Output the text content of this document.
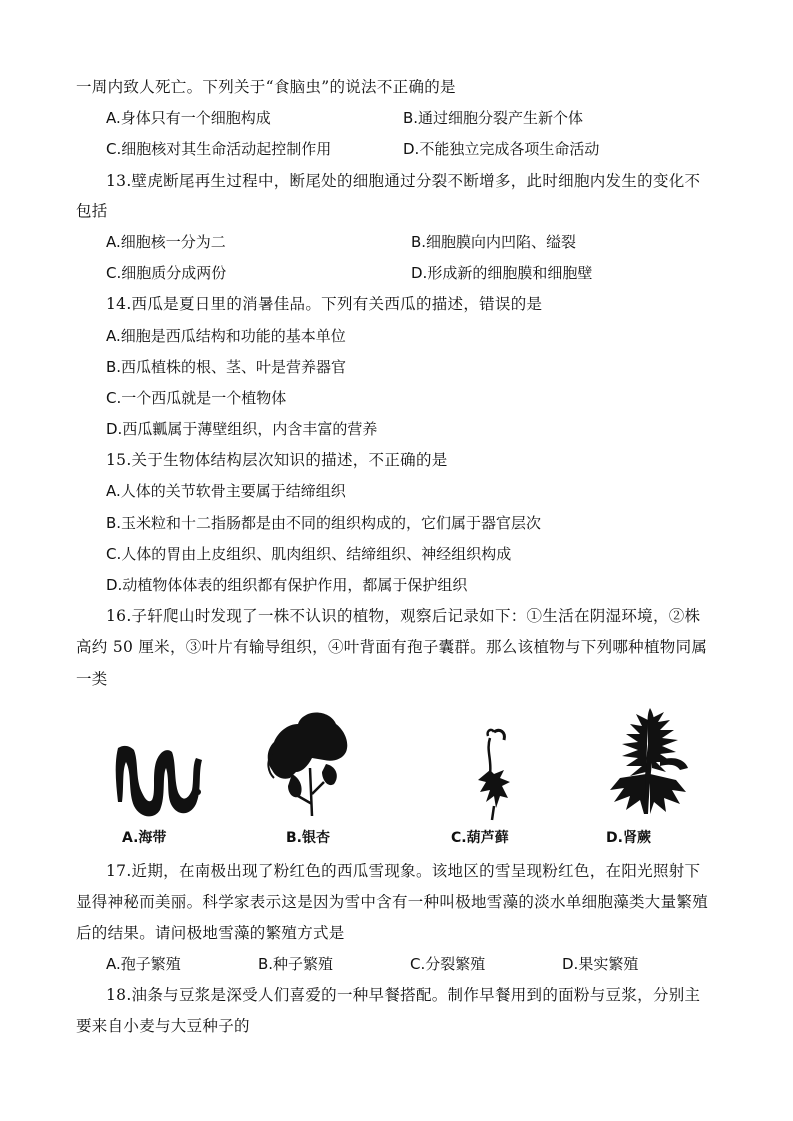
一周内致人死亡。下列关于“食脑虫”的说法不正确的是
A.身体只有一个细胞构成	B.通过细胞分裂产生新个体
C.细胞核对其生命活动起控制作用	D.不能独立完成各项生命活动
13.壁虎断尾再生过程中，断尾处的细胞通过分裂不断增多，此时细胞内发生的变化不
包括
A.细胞核一分为二	B.细胞膜向内凹陷、缢裂
C.细胞质分成两份	D.形成新的细胞膜和细胞壁
14.西瓜是夏日里的消暑佳品。下列有关西瓜的描述，错误的是
A.细胞是西瓜结构和功能的基本单位
B.西瓜植株的根、茎、叶是营养器官
C.一个西瓜就是一个植物体
D.西瓜瓤属于薄壁组织，内含丰富的营养
15.关于生物体结构层次知识的描述，不正确的是
A.人体的关节软骨主要属于结缔组织
B.玉米粒和十二指肠都是由不同的组织构成的，它们属于器官层次
C.人体的胃由上皮组织、肌肉组织、结缔组织、神经组织构成
D.动植物体体表的组织都有保护作用，都属于保护组织
16.子轩爬山时发现了一株不认识的植物，观察后记录如下：①生活在阴湿环境，②株
高约 50 厘米，③叶片有输导组织，④叶背面有孢子囊群。那么该植物与下列哪种植物同属
一类
A.海带	B.银杏	C.葫芦藓	D.肾蕨
17.近期，在南极出现了粉红色的西瓜雪现象。该地区的雪呈现粉红色，在阳光照射下
显得神秘而美丽。科学家表示这是因为雪中含有一种叫极地雪藻的淡水单细胞藻类大量繁殖
后的结果。请问极地雪藻的繁殖方式是
A.孢子繁殖	B.种子繁殖	C.分裂繁殖	D.果实繁殖
18.油条与豆浆是深受人们喜爱的一种早餐搭配。制作早餐用到的面粉与豆浆，分别主
要来自小麦与大豆种子的
